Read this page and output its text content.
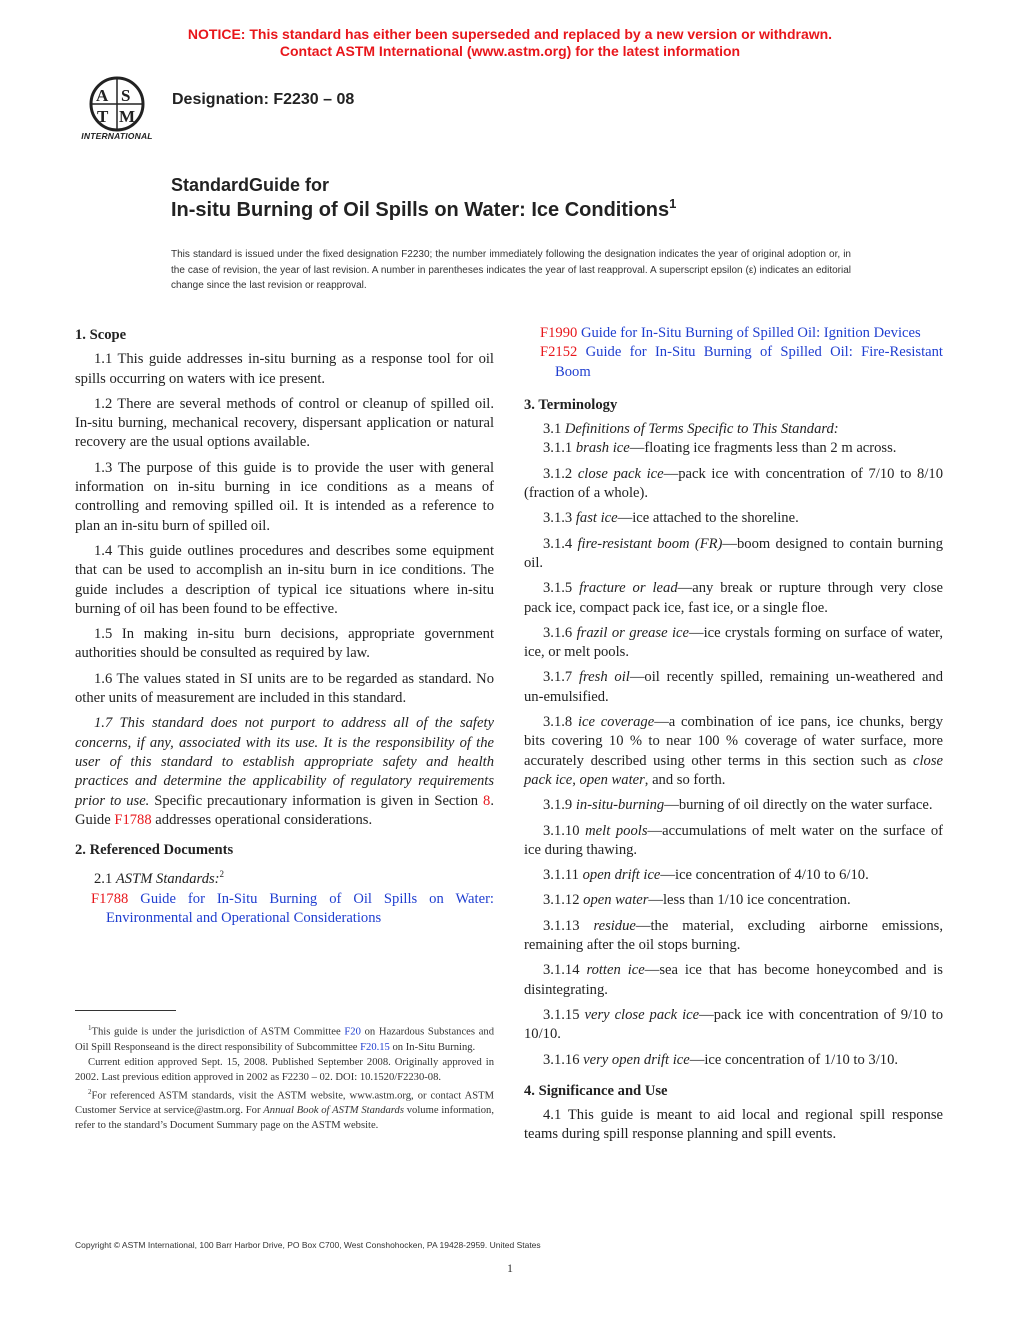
NOTICE: This standard has either been superseded and replaced by a new version or withdrawn.
Contact ASTM International (www.astm.org) for the latest information
A S
T M
INTERNATIONAL
Designation: F2230 – 08
StandardGuide for
In-situ Burning of Oil Spills on Water: Ice Conditions$^1$
This standard is issued under the fixed designation F2230; the number immediately following the designation indicates the year of original adoption or, in the case of revision, the year of last revision. A number in parentheses indicates the year of last reapproval. A superscript epsilon (ε) indicates an editorial change since the last revision or reapproval.
1. Scope

1.1 This guide addresses in-situ burning as a response tool for oil spills occurring on waters with ice present.

1.2 There are several methods of control or cleanup of spilled oil. In-situ burning, mechanical recovery, dispersant application or natural recovery are the usual options available.

1.3 The purpose of this guide is to provide the user with general information on in-situ burning in ice conditions as a means of controlling and removing spilled oil. It is intended as a reference to plan an in-situ burn of spilled oil.

1.4 This guide outlines procedures and describes some equipment that can be used to accomplish an in-situ burn in ice conditions. The guide includes a description of typical ice situations where in-situ burning of oil has been found to be effective.

1.5 In making in-situ burn decisions, appropriate government authorities should be consulted as required by law.

1.6 The values stated in SI units are to be regarded as standard. No other units of measurement are included in this standard.

1.7 This standard does not purport to address all of the safety concerns, if any, associated with its use. It is the responsibility of the user of this standard to establish appropriate safety and health practices and determine the applicability of regulatory requirements prior to use. Specific precautionary information is given in Section 8. Guide F1788 addresses operational considerations.

2. Referenced Documents

2.1 ASTM Standards:$^2$

F1788 Guide for In-Situ Burning of Oil Spills on Water: Environmental and Operational Considerations

F1990 Guide for In-Situ Burning of Spilled Oil: Ignition Devices

F2152 Guide for In-Situ Burning of Spilled Oil: Fire-Resistant Boom

3. Terminology

3.1 Definitions of Terms Specific to This Standard:

3.1.1 brash ice—floating ice fragments less than 2 m across.

3.1.2 close pack ice—pack ice with concentration of 7/10 to 8/10 (fraction of a whole).

3.1.3 fast ice—ice attached to the shoreline.

3.1.4 fire-resistant boom (FR)—boom designed to contain burning oil.

3.1.5 fracture or lead—any break or rupture through very close pack ice, compact pack ice, fast ice, or a single floe.

3.1.6 frazil or grease ice—ice crystals forming on surface of water, ice, or melt pools.

3.1.7 fresh oil—oil recently spilled, remaining un-weathered and un-emulsified.

3.1.8 ice coverage—a combination of ice pans, ice chunks, bergy bits covering 10 % to near 100 % coverage of water surface, more accurately described using other terms in this section such as close pack ice, open water, and so forth.

3.1.9 in-situ-burning—burning of oil directly on the water surface.

3.1.10 melt pools—accumulations of melt water on the surface of ice during thawing.

3.1.11 open drift ice—ice concentration of 4/10 to 6/10.

3.1.12 open water—less than 1/10 ice concentration.

3.1.13 residue—the material, excluding airborne emissions, remaining after the oil stops burning.

3.1.14 rotten ice—sea ice that has become honeycombed and is disintegrating.

3.1.15 very close pack ice—pack ice with concentration of 9/10 to 10/10.

3.1.16 very open drift ice—ice concentration of 1/10 to 3/10.

4. Significance and Use

4.1 This guide is meant to aid local and regional spill response teams during spill response planning and spill events.

$^1$This guide is under the jurisdiction of ASTM Committee F20 on Hazardous Substances and Oil Spill Responseand is the direct responsibility of Subcommittee F20.15 on In-Situ Burning.

Current edition approved Sept. 15, 2008. Published September 2008. Originally approved in 2002. Last previous edition approved in 2002 as F2230 – 02. DOI: 10.1520/F2230-08.

$^2$For referenced ASTM standards, visit the ASTM website, www.astm.org, or contact ASTM Customer Service at service@astm.org. For Annual Book of ASTM Standards volume information, refer to the standard’s Document Summary page on the ASTM website.

Copyright © ASTM International, 100 Barr Harbor Drive, PO Box C700, West Conshohocken, PA 19428-2959. United States
1
